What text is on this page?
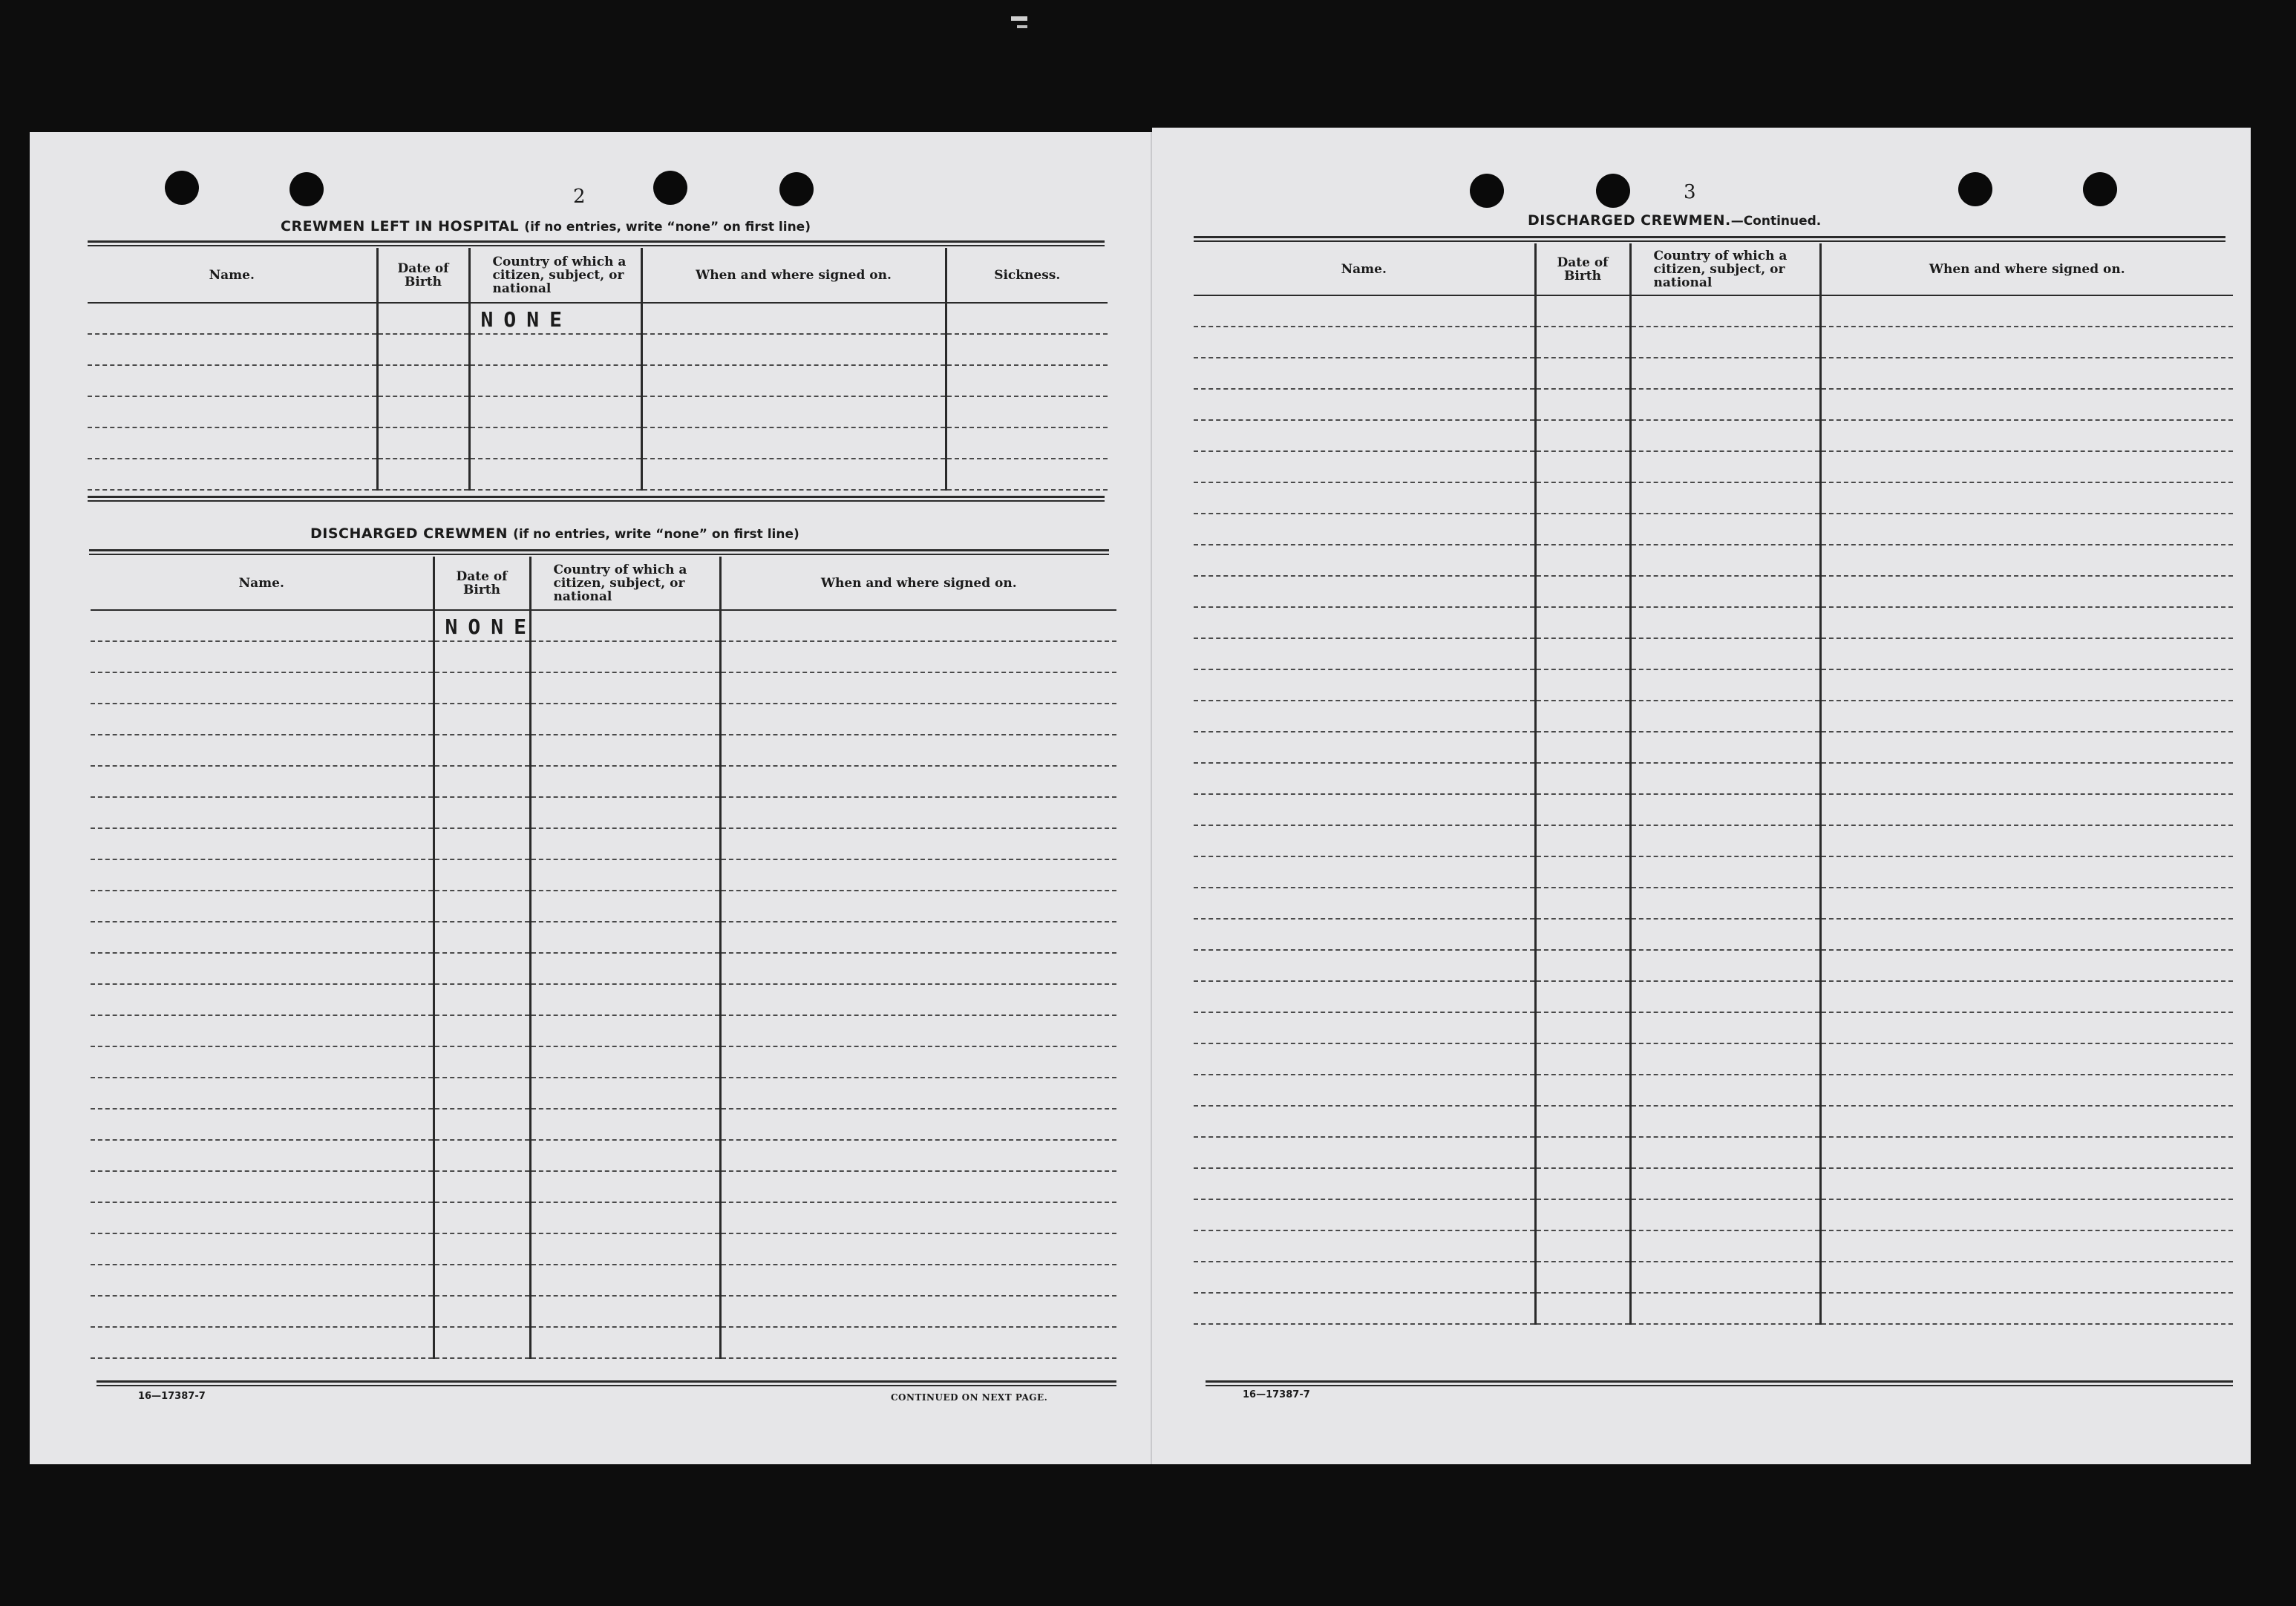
2
CREWMEN LEFT IN HOSPITAL (if no entries, write “none” on first line)
Name.	Date of Birth	Country of which a citizen, subject, or national	When and where signed on.	Sickness.
		NONE		

DISCHARGED CREWMEN (if no entries, write “none” on first line)
Name.	Date of Birth	Country of which a citizen, subject, or national	When and where signed on.
	NONE		

16—17387-7	CONTINUED ON NEXT PAGE.
3
DISCHARGED CREWMEN.—Continued.
Name.	Date of Birth	Country of which a citizen, subject, or national	When and where signed on.

16—17387-7
